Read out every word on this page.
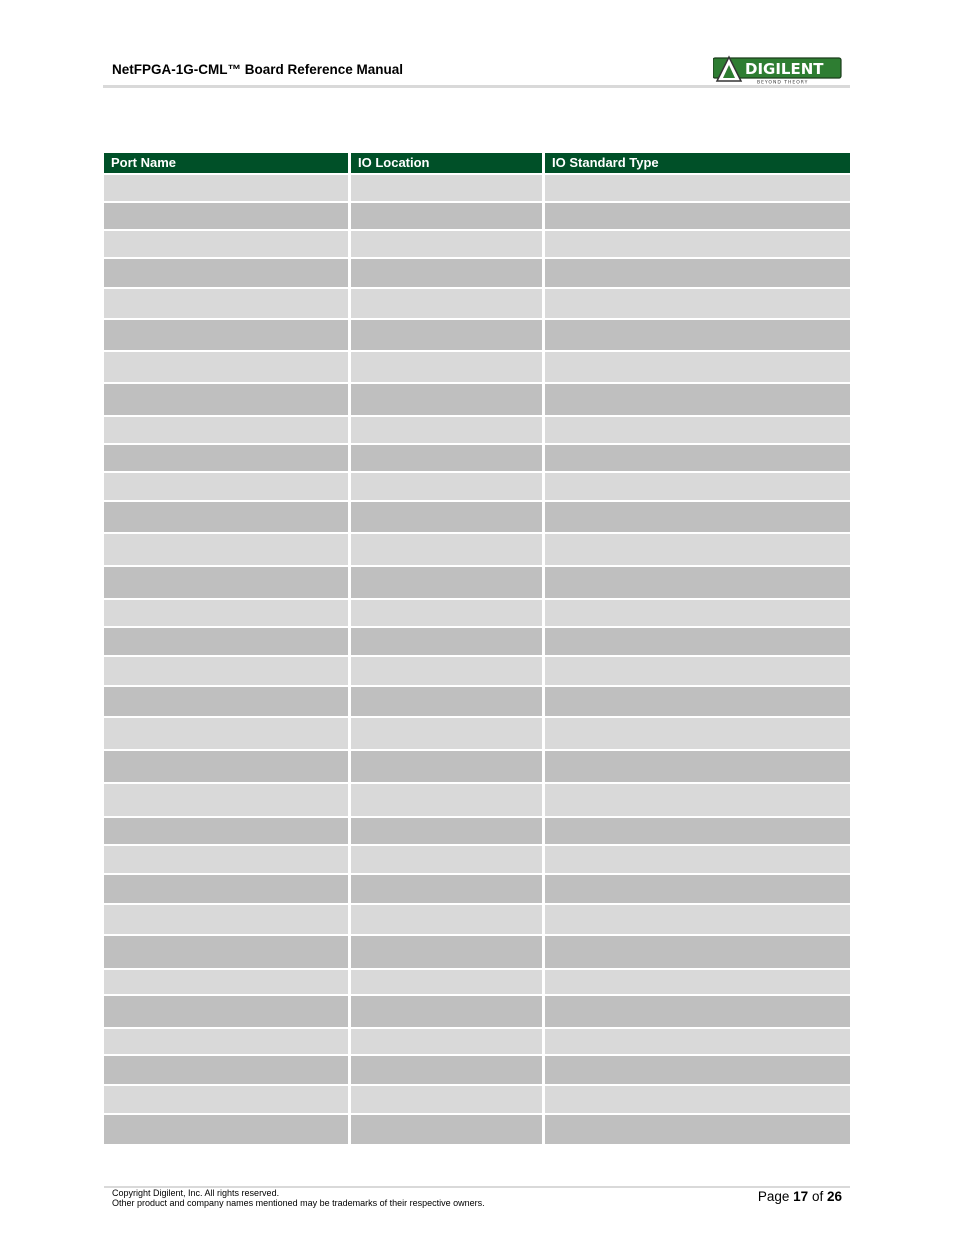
NetFPGA-1G-CML™ Board Reference Manual	DIGILENT
BEYOND THEORY
Port Name	IO Location	IO Standard Type
Copyright Digilent, Inc. All rights reserved.
Other product and company names mentioned may be trademarks of their respective owners.	Page 17 of 26
